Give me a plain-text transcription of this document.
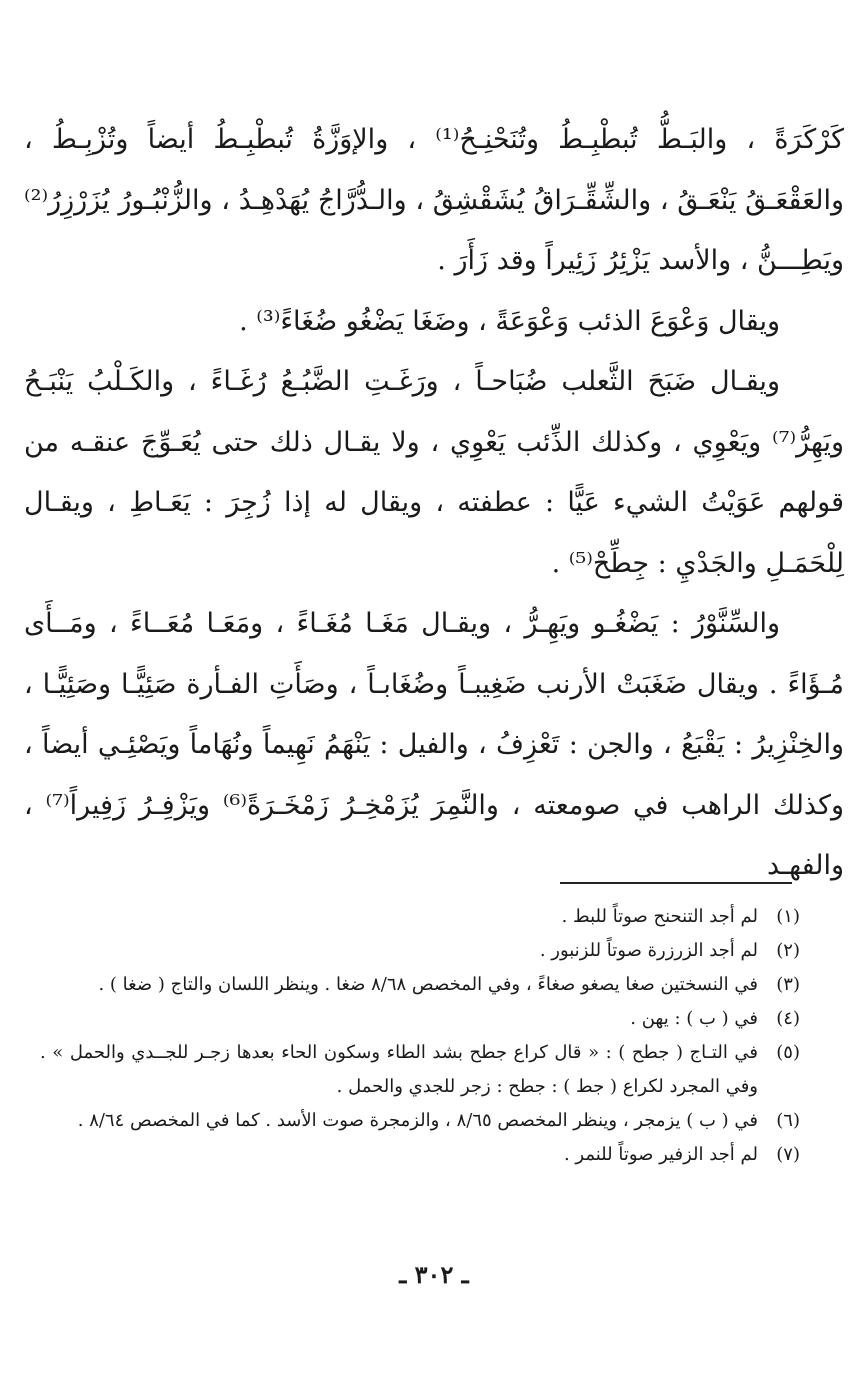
كَرْكَرَةً ، والبَـطُّ تُبطْبِـطُ وتُنَحْنِـحُ⁽¹⁾ ، والإوَزَّةُ تُبطْبِـطُ أيضاً وتُزْبِـطُ ، والعَقْعَـقُ يَنْعَـقُ ، والشِّقِّـرَاقُ يُشَقْشِقُ ، والـدُّرَّاجُ يُهَدْهِـدُ ، والزُّنْبُـورُ يُزَرْزِرُ⁽²⁾ ويَطِـــنُّ ، والأسد يَزْئِرُ زَئِيراً وقد زَأَرَ .

ويقال وَعْوَعَ الذئب وَعْوَعَةً ، وضَغَا يَضْغُو ضُغَاءً⁽³⁾ .

ويقـال ضَبَحَ الثَّعلب ضُبَاحـاً ، ورَغَـتِ الضَّبُـعُ رُغَـاءً ، والكَـلْبُ يَنْبَـحُ ويَهِرُّ⁽⁷⁾ ويَعْوِي ، وكذلك الذِّئب يَعْوِي ، ولا يقـال ذلك حتى يُعَـوِّجَ عنقـه من قولهم عَوَيْتُ الشيء عَيًّا : عطفته ، ويقال له إذا زُجِرَ : يَعَـاطِ ، ويقـال لِلْحَمَـلِ والجَدْيِ : جِطِّحْ⁽⁵⁾ .

والسِّنَّوْرُ : يَضْغُـو ويَهِـرُّ ، ويقـال مَغَـا مُغَـاءً ، ومَعَـا مُعَــاءً ، ومَــأَى مُـؤَاءً . ويقال ضَغَبَتْ الأرنب ضَغِيبـاً وضُغَابـاً ، وصَأَتِ الفـأرة صَئِيًّـا وصَئِيًّـا ، والخِنْزِيرُ : يَقْبَعُ ، والجن : تَعْزِفُ ، والفيل : يَنْهَمُ نَهِيماً ونُهَاماً ويَصْئِـي أيضاً ، وكذلك الراهب في صومعته ، والنَّمِرَ يُزَمْخِـرُ زَمْخَـرَةً⁽⁶⁾ ويَزْفِـرُ زَفِيراً⁽⁷⁾ ، والفهـد

(١)
لم أجد التنحنح صوتاً للبط .
(٢)
لم أجد الزرزرة صوتاً للزنبور .
(٣)
في النسختين صغا يصغو صغاءً ، وفي المخصص ٨/٦٨ ضغا . وينظر اللسان والتاج ( ضغا ) .
(٤)
في ( ب ) : يهن .
(٥)
في التـاج ( جطح ) : « قال كراع جطح بشد الطاء وسكون الحاء بعدها زجـر للجــدي والحمل » . وفي المجرد لكراع ( جط ) : جطح : زجر للجدي والحمل .
(٦)
في ( ب ) يزمجر ، وينظر المخصص ٨/٦٥ ، والزمجرة صوت الأسد . كما في المخصص ٨/٦٤ .
(٧)
لم أجد الزفير صوتاً للنمر .
ـ ٣٠٢ ـ
